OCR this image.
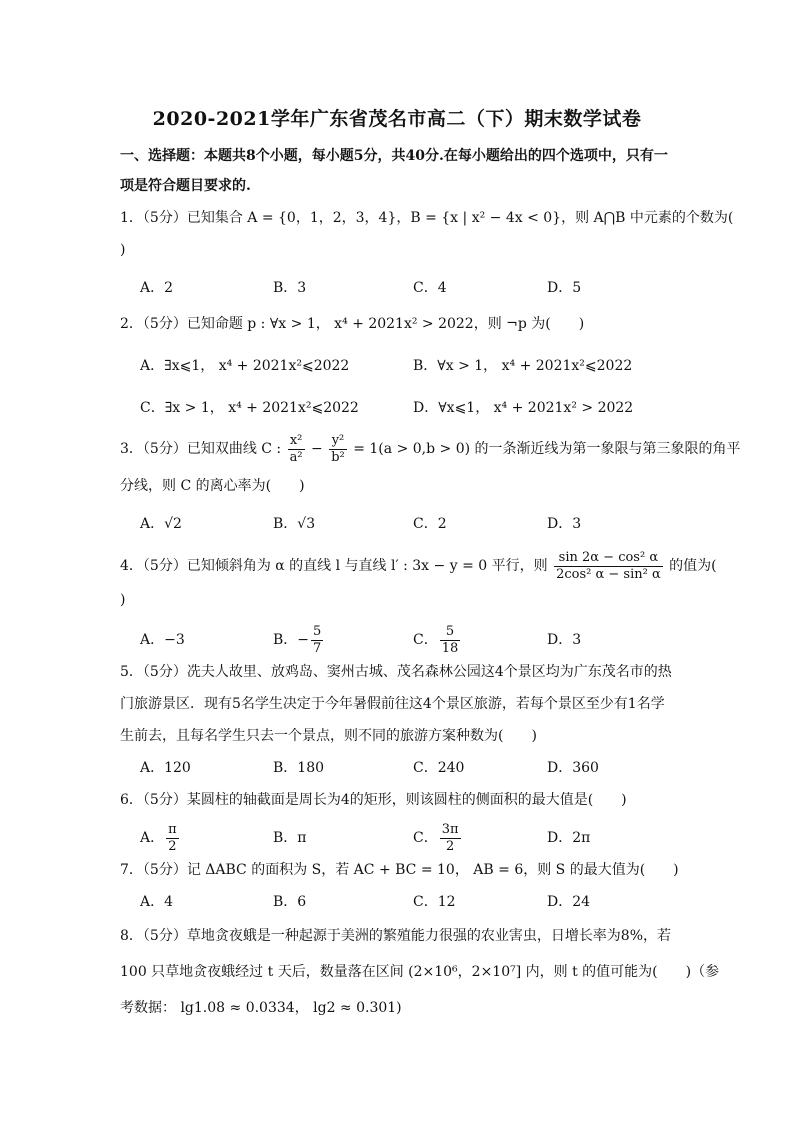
2020-2021学年广东省茂名市高二（下）期末数学试卷
一、选择题：本题共8个小题，每小题5分，共40分.在每小题给出的四个选项中，只有一
项是符合题目要求的.
1．（5分）已知集合 A = {0，1，2，3，4}，B = {x | x² − 4x < 0}，则 A⋂B 中元素的个数为(
)
A．2	B．3	C．4	D．5
2．（5分）已知命题 p : ∀x > 1， x⁴ + 2021x² > 2022，则 ¬p 为(　　)
A．∃x⩽1， x⁴ + 2021x²⩽2022	B．∀x > 1， x⁴ + 2021x²⩽2022
C．∃x > 1， x⁴ + 2021x²⩽2022	D．∀x⩽1， x⁴ + 2021x² > 2022
3．（5分）已知双曲线 C : $\frac{\text{x²}}{\text{a²}} - \frac{\text{y²}}{\text{b²}} = 1(a > 0,b > 0)$ 的一条渐近线为第一象限与第三象限的角平
分线，则 C 的离心率为(　　)
A．√2	B．√3	C．2	D．3
4．（5分）已知倾斜角为 α 的直线 l 与直线 l′ : 3x − y = 0 平行，则 $\frac{\text{sin 2α − cos² α}}{\text{2cos² α − sin² α}}$ 的值为(
)
A．−3	B．− $\frac{5}{7}$	C． $\frac{5}{18}$	D．3
5．（5分）冼夫人故里、放鸡岛、窦州古城、茂名森林公园这4个景区均为广东茂名市的热
门旅游景区．现有5名学生决定于今年暑假前往这4个景区旅游，若每个景区至少有1名学
生前去，且每名学生只去一个景点，则不同的旅游方案种数为(　　)
A．120	B．180	C．240	D．360
6．（5分）某圆柱的轴截面是周长为4的矩形，则该圆柱的侧面积的最大值是(　　)
A． $\frac{\pi}{2}$	B．π	C． $\frac{3\pi}{2}$	D．2π
7．（5分）记 ΔABC 的面积为 S，若 AC + BC = 10， AB = 6，则 S 的最大值为(　　)
A．4	B．6	C．12	D．24
8．（5分）草地贪夜蛾是一种起源于美洲的繁殖能力很强的农业害虫，日增长率为8%，若
100 只草地贪夜蛾经过 t 天后，数量落在区间 (2×10⁶，2×10⁷] 内，则 t 的值可能为(　　)（参
考数据： lg1.08 ≈ 0.0334， lg2 ≈ 0.301)
